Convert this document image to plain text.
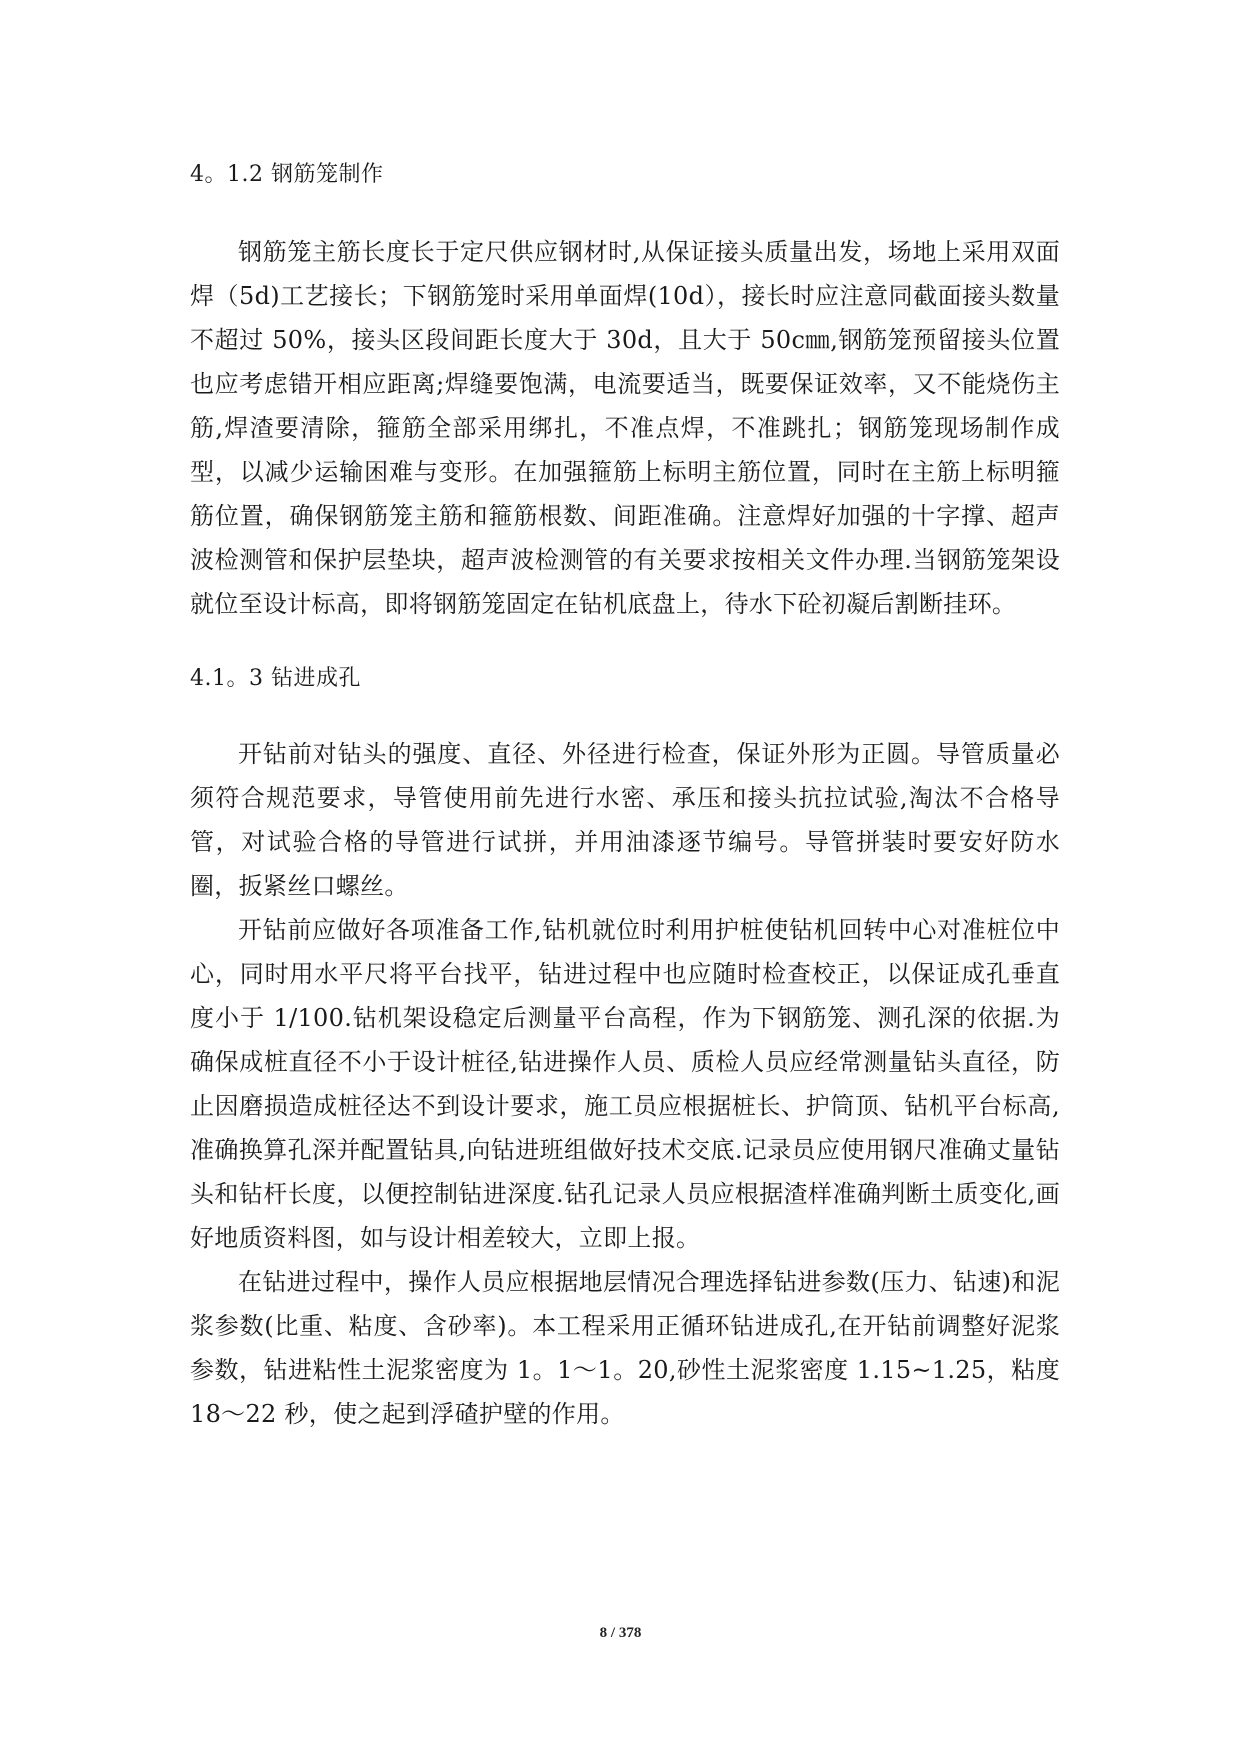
4。1.2 钢筋笼制作

钢筋笼主筋长度长于定尺供应钢材时,从保证接头质量出发，场地上采用双面焊（5d)工艺接长；下钢筋笼时采用单面焊(10d），接长时应注意同截面接头数量不超过 50%，接头区段间距长度大于 30d，且大于 50c㎜,钢筋笼预留接头位置也应考虑错开相应距离;焊缝要饱满，电流要适当，既要保证效率，又不能烧伤主筋,焊渣要清除，箍筋全部采用绑扎，不准点焊，不准跳扎；钢筋笼现场制作成型，以减少运输困难与变形。在加强箍筋上标明主筋位置，同时在主筋上标明箍筋位置，确保钢筋笼主筋和箍筋根数、间距准确。注意焊好加强的十字撑、超声波检测管和保护层垫块，超声波检测管的有关要求按相关文件办理.当钢筋笼架设就位至设计标高，即将钢筋笼固定在钻机底盘上，待水下砼初凝后割断挂环。

4.1。3 钻进成孔

开钻前对钻头的强度、直径、外径进行检查，保证外形为正圆。导管质量必须符合规范要求，导管使用前先进行水密、承压和接头抗拉试验,淘汰不合格导管，对试验合格的导管进行试拼，并用油漆逐节编号。导管拼装时要安好防水圈，扳紧丝口螺丝。

开钻前应做好各项准备工作,钻机就位时利用护桩使钻机回转中心对准桩位中心，同时用水平尺将平台找平，钻进过程中也应随时检查校正，以保证成孔垂直度小于 1/100.钻机架设稳定后测量平台高程，作为下钢筋笼、测孔深的依据.为确保成桩直径不小于设计桩径,钻进操作人员、质检人员应经常测量钻头直径，防止因磨损造成桩径达不到设计要求，施工员应根据桩长、护筒顶、钻机平台标高,准确换算孔深并配置钻具,向钻进班组做好技术交底.记录员应使用钢尺准确丈量钻头和钻杆长度，以便控制钻进深度.钻孔记录人员应根据渣样准确判断土质变化,画好地质资料图，如与设计相差较大，立即上报。

在钻进过程中，操作人员应根据地层情况合理选择钻进参数(压力、钻速)和泥浆参数(比重、粘度、含砂率)。本工程采用正循环钻进成孔,在开钻前调整好泥浆参数，钻进粘性土泥浆密度为 1。1～1。20,砂性土泥浆密度 1.15~1.25，粘度 18～22 秒，使之起到浮碴护壁的作用。

8 / 378
